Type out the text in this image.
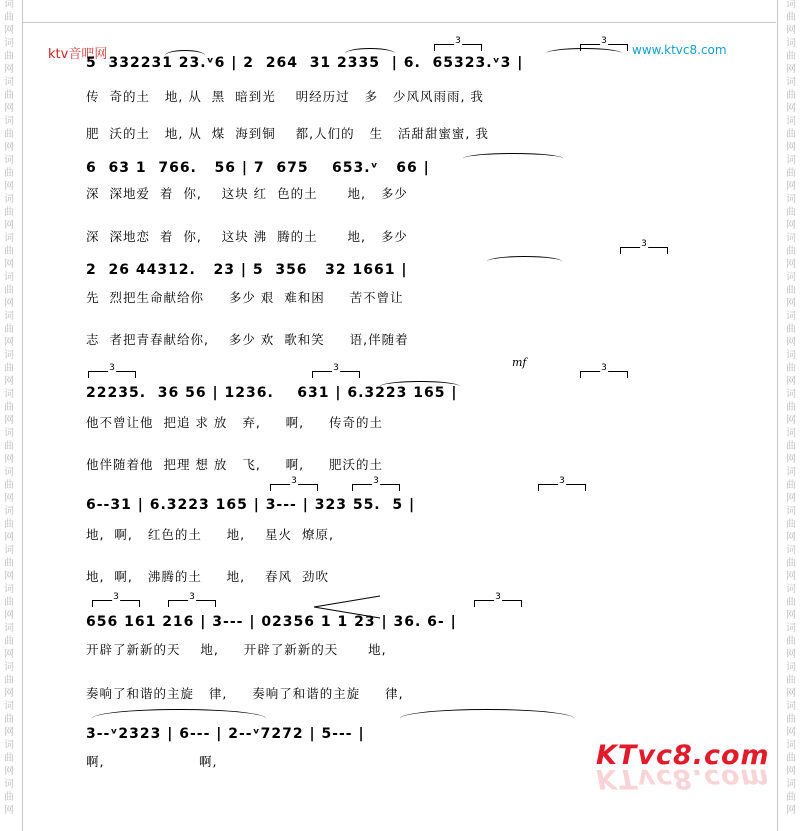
词
曲
网
词
曲
网
词
曲
网
词
曲
网
词
曲
网
词
曲
网
词
曲
网
词
曲
网
词
曲
网
词
曲
网
词
曲
网
词
曲
网
词
曲
网
词
曲
网
词
曲
网
词
曲
网
词
曲
网
词
曲
网
词
曲
网
词
曲
网
词
曲
网
词
曲
网
词
曲
网
词
曲
网
词
曲
网
词
曲
网
词
曲
网
词
曲
网
词
曲
网
词
曲
网
词
曲
网
词
曲
网
词
曲
网
词
曲
网
词
曲
网
词
曲
网
词
曲
网
词
曲
网
词
曲
网
词
曲
网
词
曲
网
词
曲
网
ktv音吧网	www.ktvc8.com
5  332231 23.ᵛ6 | 2  264  31 2335  | 6.  65323.ᵛ3 |
传  奇的土   地, 从  黑  暗到光    明经历过   多   少风风雨雨, 我
肥  沃的土   地, 从  煤  海到铜    都,人们的   生   活甜甜蜜蜜, 我
6  63 1  766.   56 | 7  675    653.ᵛ   66 |
深  深地爱  着  你,    这块 红  色的土      地,   多少
深  深地恋  着  你,    这块 沸  腾的土      地,   多少
2  26 44312.   23 | 5  356   32 1661 |
先  烈把生命献给你     多少 艰  难和困     苦不曾让
志  者把青春献给你,    多少 欢  歌和笑     语,伴随着
mf
22235.  36 56 | 1236.    631 | 6.3223 165 |
他不曾让他  把追 求 放   弃,     啊,     传奇的土
他伴随着他  把理 想 放   飞,     啊,     肥沃的土
6--31 | 6.3223 165 | 3--- | 323 55.  5 |
地,  啊,   红色的土     地,    星火  燎原,
地,  啊,   沸腾的土     地,    春风  劲吹
656 161 216 | 3--- | 02356 1 1 23 | 36. 6- |
开辟了新新的天    地,     开辟了新新的天      地,
奏响了和谐的主旋   律,     奏响了和谐的主旋     律,
3--ᵛ2323 | 6--- | 2--ᵛ7272 | 5--- |
啊,                   啊,
3	3
3
3	3	3
3	3	3
3	3	3
KTvc8.com
KTvc8.com
